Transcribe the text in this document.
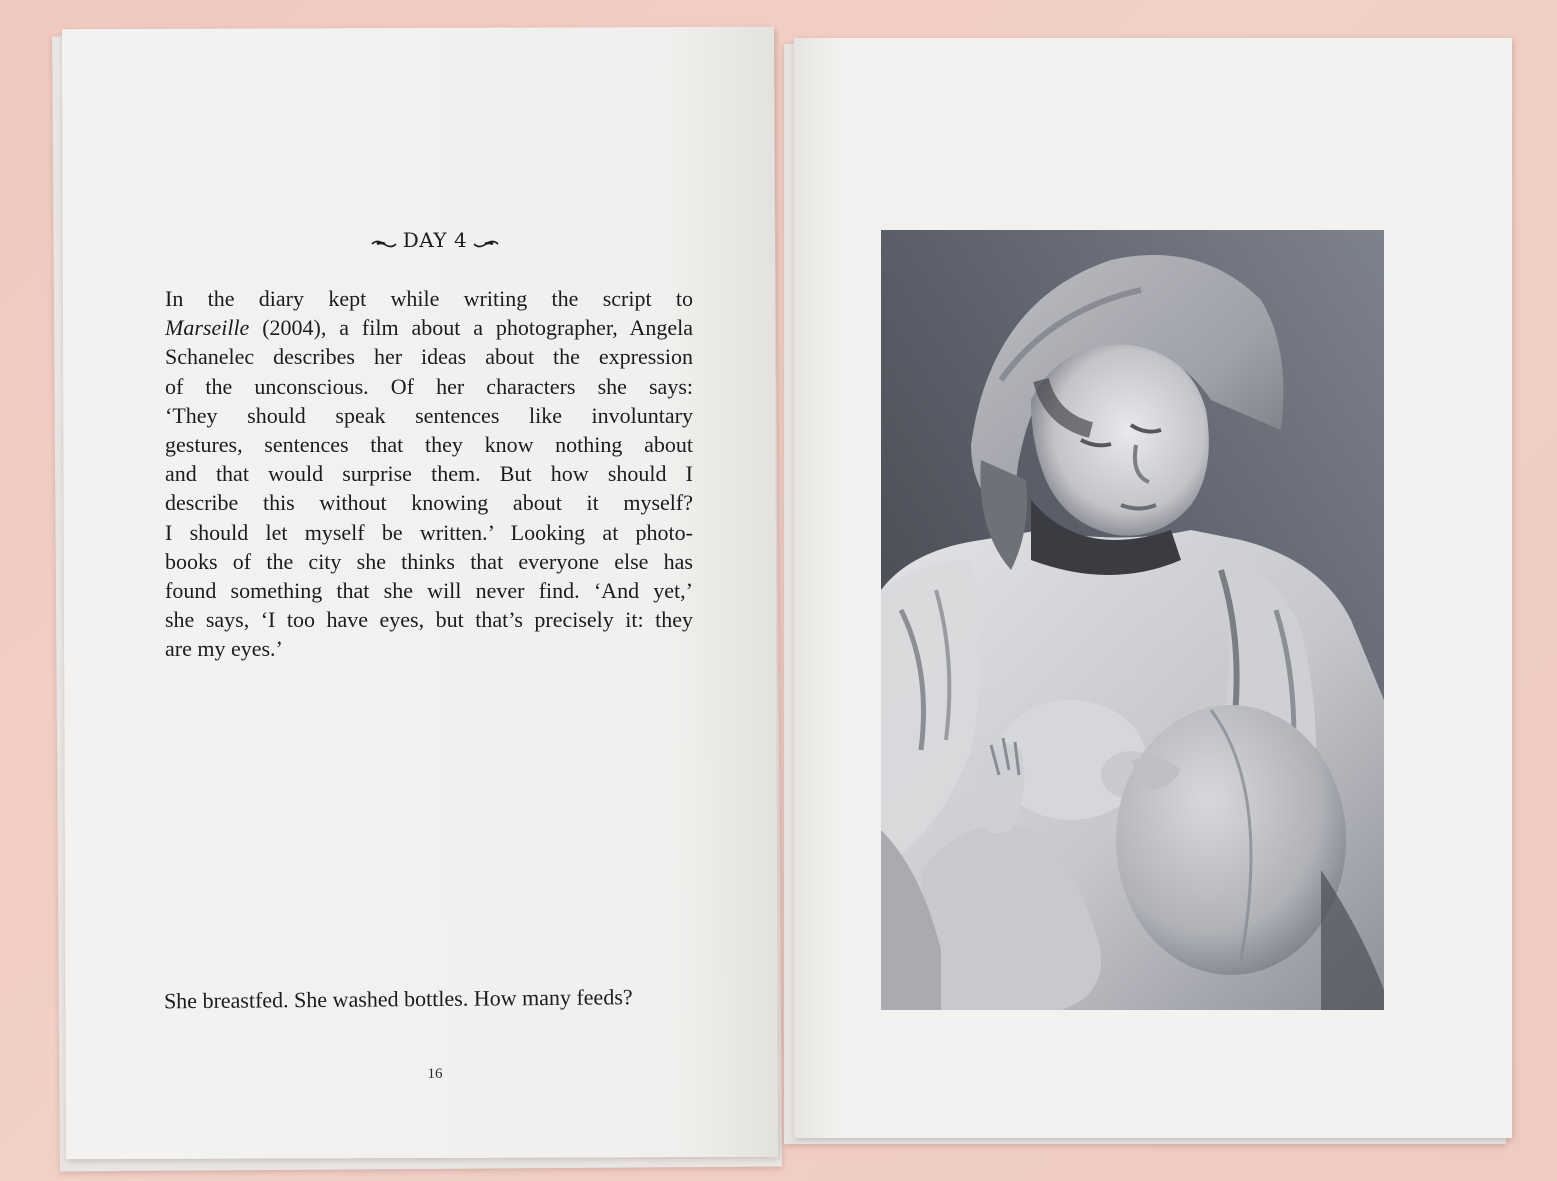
DAY 4
In the diary kept while writing the script to
Marseille (2004), a film about a photographer, Angela
Schanelec describes her ideas about the expression
of the unconscious. Of her characters she says:
‘They should speak sentences like involuntary
gestures, sentences that they know nothing about
and that would surprise them. But how should I
describe this without knowing about it myself?
I should let myself be written.’ Looking at photo-
books of the city she thinks that everyone else has
found something that she will never find. ‘And yet,’
she says, ‘I too have eyes, but that’s precisely it: they
are my eyes.’
She breastfed. She washed bottles. How many feeds?
16
